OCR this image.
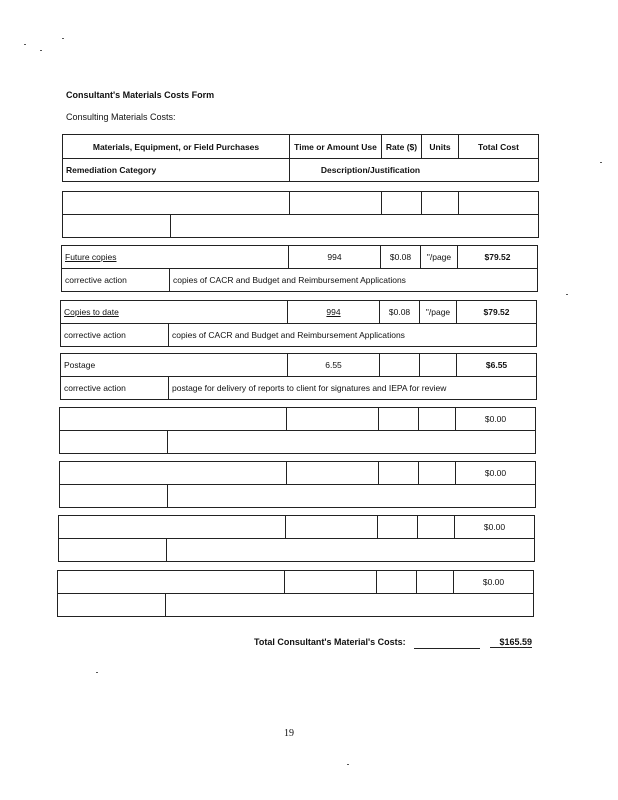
Consultant's Materials Costs Form
Consulting Materials Costs:
Materials, Equipment, or Field Purchases	Time or Amount Use	Rate ($)	Units	Total Cost
Remediation Category	Description/Justification			

Future copies		994	$0.08	"/page	$79.52
corrective action	copies of CACR and Budget and Reimbursement Applications				
Copies to date		994	$0.08	"/page	$79.52
corrective action	copies of CACR and Budget and Reimbursement Applications				
Postage		6.55			$6.55
corrective action	postage for delivery of reports to client for signatures and IEPA for review				
					$0.00

					$0.00

					$0.00

					$0.00

Total Consultant's Material's Costs:	$165.59
19
